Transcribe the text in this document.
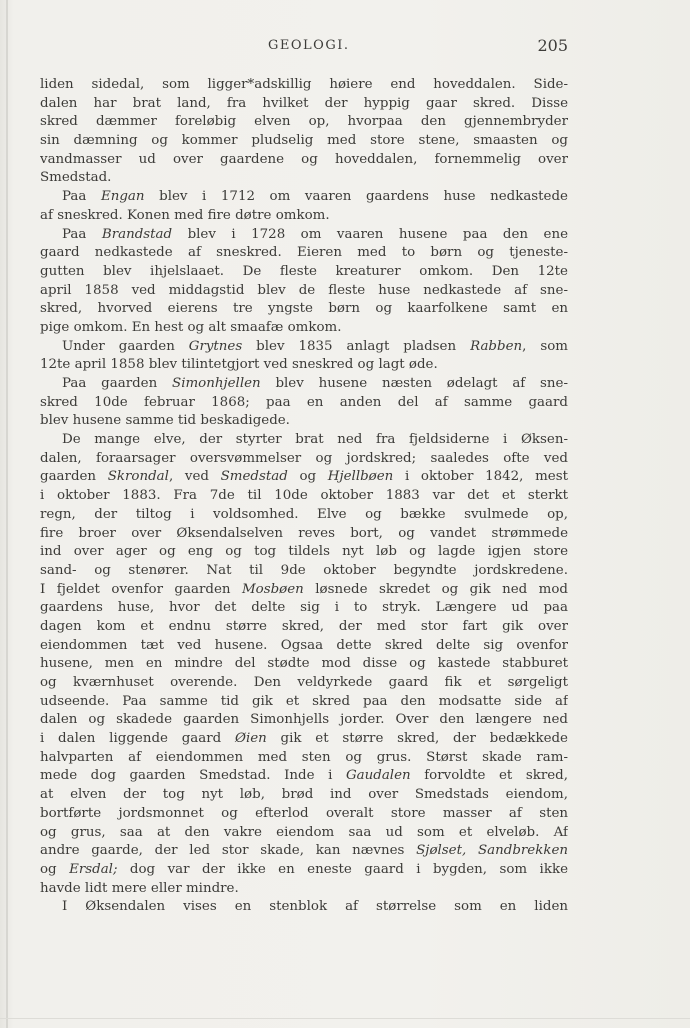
GEOLOGI.	205
liden sidedal, som ligger*adskillig høiere end hoveddalen. Side-
dalen har brat land, fra hvilket der hyppig gaar skred. Disse
skred dæmmer foreløbig elven op, hvorpaa den gjennembryder
sin dæmning og kommer pludselig med store stene, smaasten og
vandmasser ud over gaardene og hoveddalen, fornemmelig over
Smedstad.
Paa Engan blev i 1712 om vaaren gaardens huse nedkastede
af sneskred. Konen med fire døtre omkom.
Paa Brandstad blev i 1728 om vaaren husene paa den ene
gaard nedkastede af sneskred. Eieren med to børn og tjeneste-
gutten blev ihjelslaaet. De fleste kreaturer omkom. Den 12te
april 1858 ved middagstid blev de fleste huse nedkastede af sne-
skred, hvorved eierens tre yngste børn og kaarfolkene samt en
pige omkom. En hest og alt smaafæ omkom.
Under gaarden Grytnes blev 1835 anlagt pladsen Rabben, som
12te april 1858 blev tilintetgjort ved sneskred og lagt øde.
Paa gaarden Simonhjellen blev husene næsten ødelagt af sne-
skred 10de februar 1868; paa en anden del af samme gaard
blev husene samme tid beskadigede.
De mange elve, der styrter brat ned fra fjeldsiderne i Øksen-
dalen, foraarsager oversvømmelser og jordskred; saaledes ofte ved
gaarden Skrondal, ved Smedstad og Hjellbøen i oktober 1842, mest
i oktober 1883. Fra 7de til 10de oktober 1883 var det et sterkt
regn, der tiltog i voldsomhed. Elve og bække svulmede op,
fire broer over Øksendalselven reves bort, og vandet strømmede
ind over ager og eng og tog tildels nyt løb og lagde igjen store
sand- og stenører. Nat til 9de oktober begyndte jordskredene.
I fjeldet ovenfor gaarden Mosbøen løsnede skredet og gik ned mod
gaardens huse, hvor det delte sig i to stryk. Længere ud paa
dagen kom et endnu større skred, der med stor fart gik over
eiendommen tæt ved husene. Ogsaa dette skred delte sig ovenfor
husene, men en mindre del stødte mod disse og kastede stabburet
og kværnhuset overende. Den veldyrkede gaard fik et sørgeligt
udseende. Paa samme tid gik et skred paa den modsatte side af
dalen og skadede gaarden Simonhjells jorder. Over den længere ned
i dalen liggende gaard Øien gik et større skred, der bedækkede
halvparten af eiendommen med sten og grus. Størst skade ram-
mede dog gaarden Smedstad. Inde i Gaudalen forvoldte et skred,
at elven der tog nyt løb, brød ind over Smedstads eiendom,
bortførte jordsmonnet og efterlod overalt store masser af sten
og grus, saa at den vakre eiendom saa ud som et elveløb. Af
andre gaarde, der led stor skade, kan nævnes Sjølset, Sandbrekken
og Ersdal; dog var der ikke en eneste gaard i bygden, som ikke
havde lidt mere eller mindre.
I Øksendalen vises en stenblok af størrelse som en liden
